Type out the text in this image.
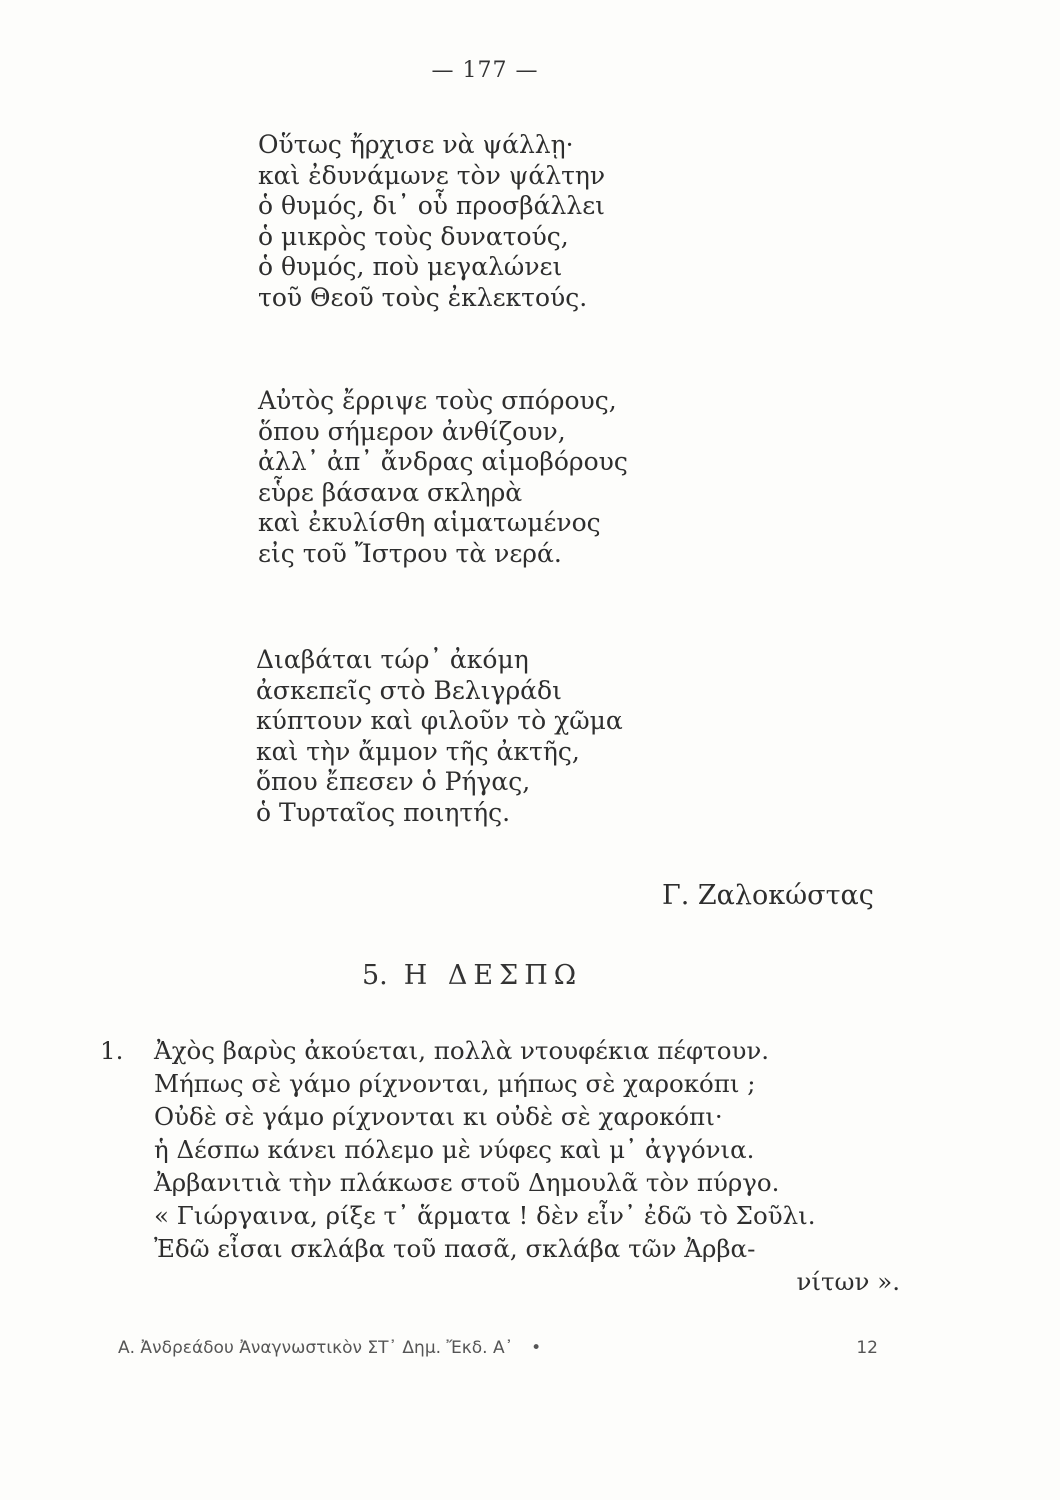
— 177 —
Οὕτως ἤρχισε νὰ ψάλλῃ·
καὶ ἐδυνάμωνε τὸν ψάλτην
ὁ θυμός, δι᾽ οὗ προσβάλλει
ὁ μικρὸς τοὺς δυνατούς,
ὁ θυμός, ποὺ μεγαλώνει
τοῦ Θεοῦ τοὺς ἐκλεκτούς.
Αὐτὸς ἔρριψε τοὺς σπόρους,
ὅπου σήμερον ἀνθίζουν,
ἀλλ᾽ ἀπ᾽ ἄνδρας αἱμοβόρους
εὗρε βάσανα σκληρὰ
καὶ ἐκυλίσθη αἱματωμένος
εἰς τοῦ Ἴστρου τὰ νερά.
Διαβάται τώρ᾽ ἀκόμη
ἀσκεπεῖς στὸ Βελιγράδι
κύπτουν καὶ φιλοῦν τὸ χῶμα
καὶ τὴν ἄμμον τῆς ἀκτῆς,
ὅπου ἔπεσεν ὁ Ρήγας,
ὁ Τυρταῖος ποιητής.
Γ. Ζαλοκώστας
5. Η ΔΕΣΠΩ
1.	Ἀχὸς βαρὺς ἀκούεται, πολλὰ ντουφέκια πέφτουν.
Μήπως σὲ γάμο ρίχνονται, μήπως σὲ χαροκόπι ;
Οὐδὲ σὲ γάμο ρίχνονται κι οὐδὲ σὲ χαροκόπι·
ἡ Δέσπω κάνει πόλεμο μὲ νύφες καὶ μ᾽ ἀγγόνια.
Ἀρβανιτιὰ τὴν πλάκωσε στοῦ Δημουλᾶ τὸν πύργο.
« Γιώργαινα, ρίξε τ᾽ ἅρματα ! δὲν εἶν᾽ ἐδῶ τὸ Σοῦλι.
Ἐδῶ εἶσαι σκλάβα τοῦ πασᾶ, σκλάβα τῶν Ἀρβα-
νίτων ».
Α. Ἀνδρεάδου Ἀναγνωστικὸν ΣΤ᾽ Δημ. Ἔκδ. Α᾽ •	12
